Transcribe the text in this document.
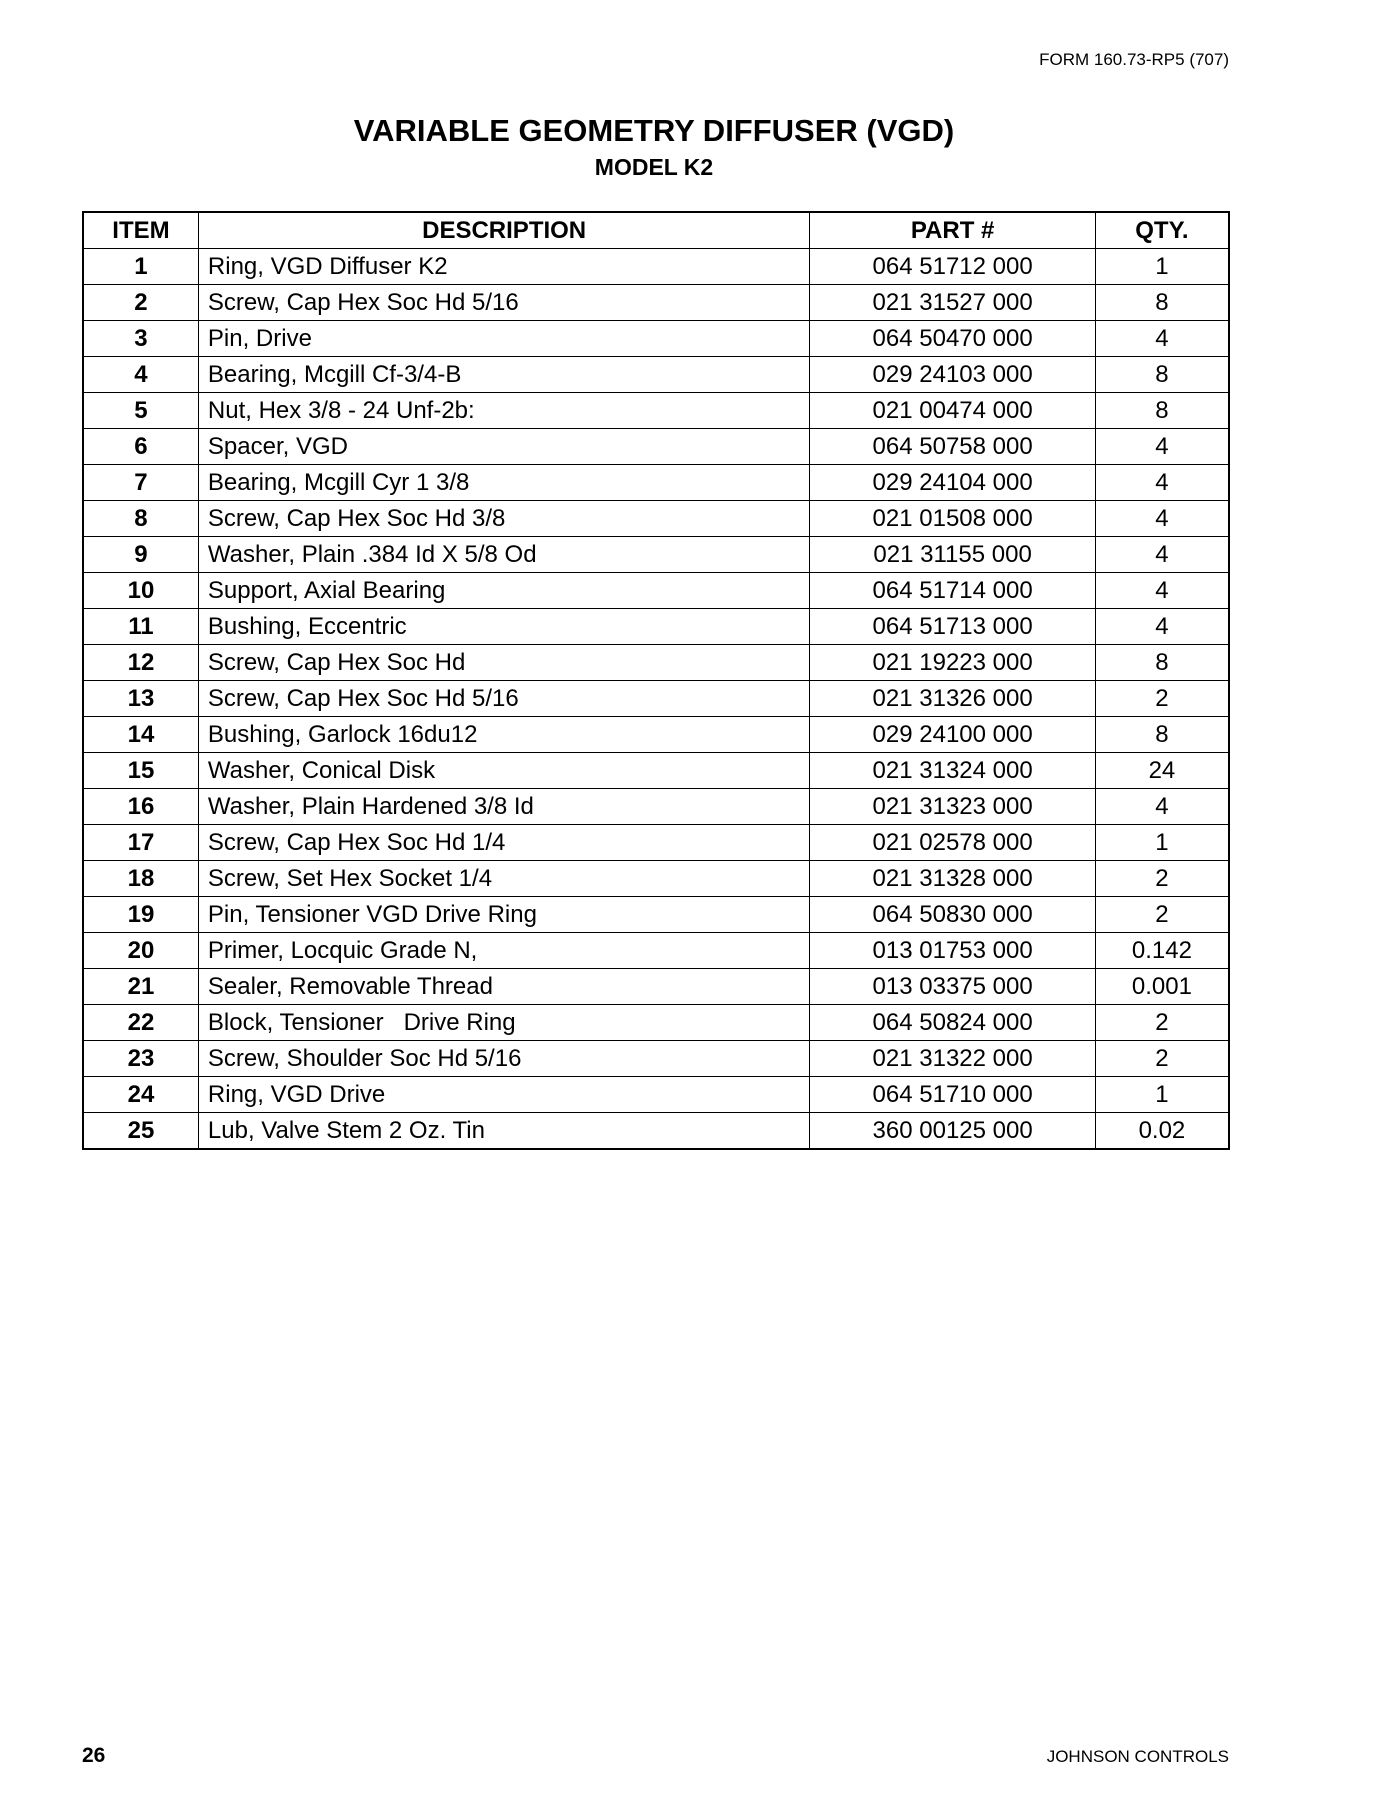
FORM 160.73-RP5 (707)
VARIABLE GEOMETRY DIFFUSER (VGD)
MODEL K2
ITEM	DESCRIPTION	PART #	QTY.
1	Ring, VGD Diffuser K2	064 51712 000	1
2	Screw, Cap Hex Soc Hd 5/16	021 31527 000	8
3	Pin, Drive	064 50470 000	4
4	Bearing, Mcgill Cf-3/4-B	029 24103 000	8
5	Nut, Hex 3/8 - 24 Unf-2b:	021 00474 000	8
6	Spacer, VGD	064 50758 000	4
7	Bearing, Mcgill Cyr 1 3/8	029 24104 000	4
8	Screw, Cap Hex Soc Hd 3/8	021 01508 000	4
9	Washer, Plain .384 Id X 5/8 Od	021 31155 000	4
10	Support, Axial Bearing	064 51714 000	4
11	Bushing, Eccentric	064 51713 000	4
12	Screw, Cap Hex Soc Hd	021 19223 000	8
13	Screw, Cap Hex Soc Hd 5/16	021 31326 000	2
14	Bushing, Garlock 16du12	029 24100 000	8
15	Washer, Conical Disk	021 31324 000	24
16	Washer, Plain Hardened 3/8 Id	021 31323 000	4
17	Screw, Cap Hex Soc Hd 1/4	021 02578 000	1
18	Screw, Set Hex Socket 1/4	021 31328 000	2
19	Pin, Tensioner VGD Drive Ring	064 50830 000	2
20	Primer, Locquic Grade N,	013 01753 000	0.142
21	Sealer, Removable Thread	013 03375 000	0.001
22	Block, Tensioner   Drive Ring	064 50824 000	2
23	Screw, Shoulder Soc Hd 5/16	021 31322 000	2
24	Ring, VGD Drive	064 51710 000	1
25	Lub, Valve Stem 2 Oz. Tin	360 00125 000	0.02
26	JOHNSON CONTROLS
